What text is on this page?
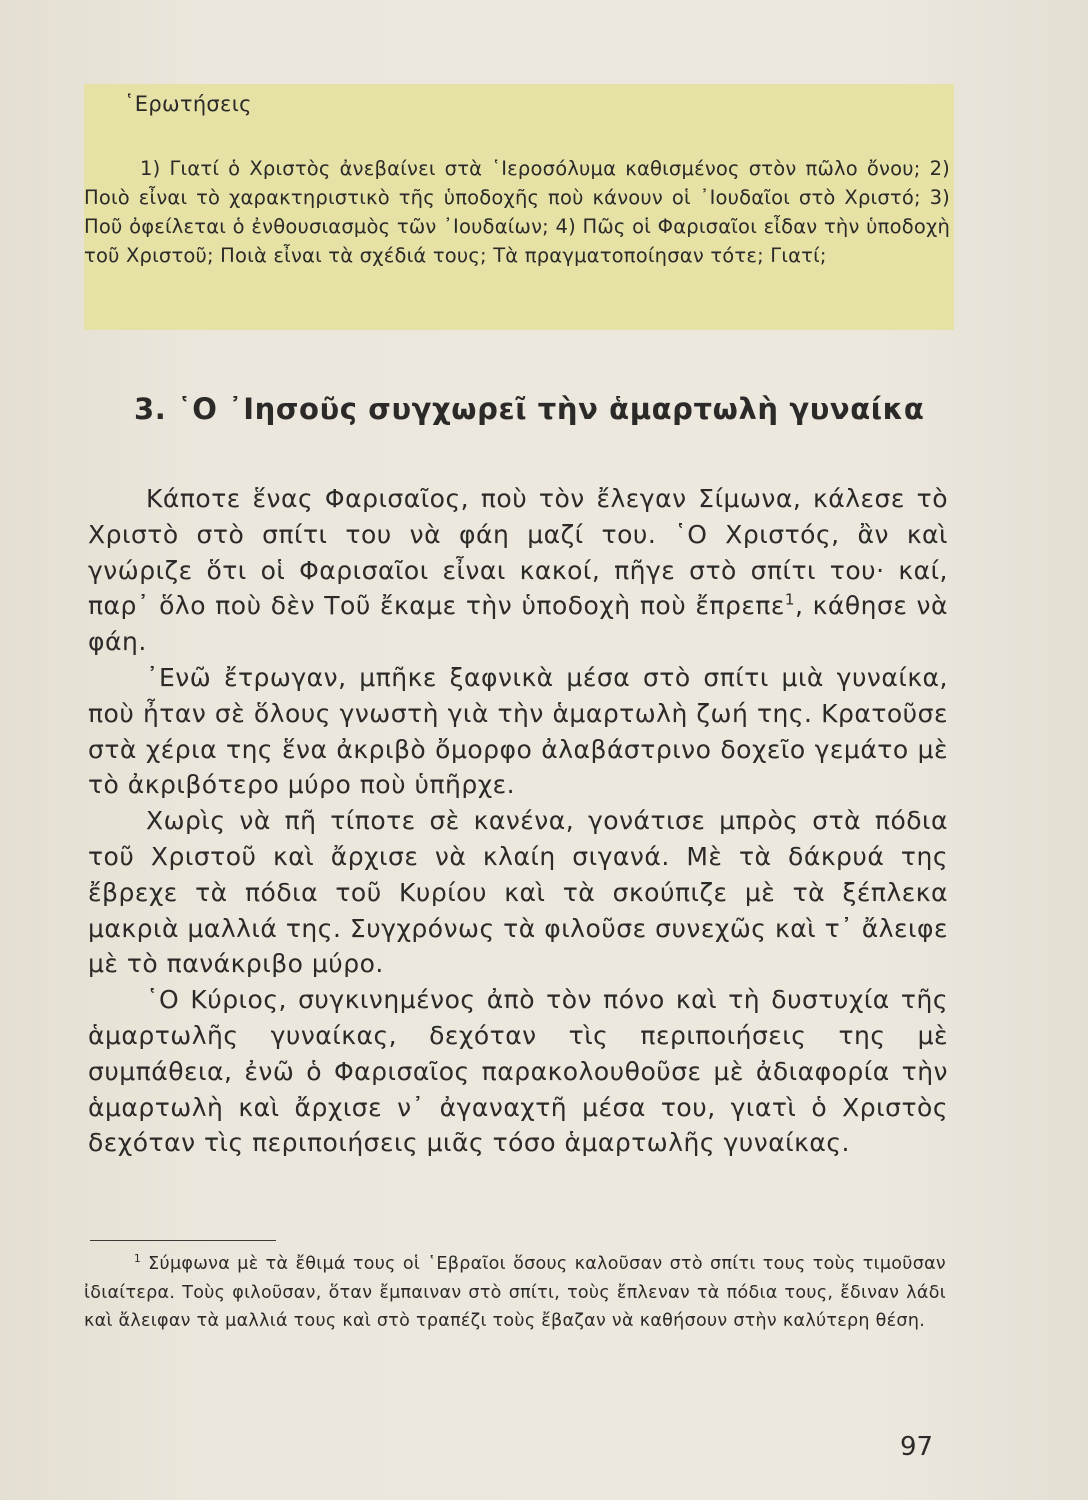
῾Ερωτήσεις

1) Γιατί ὁ Χριστὸς ἀνεβαίνει στὰ ῾Ιεροσόλυμα καθισμένος στὸν πῶλο ὄνου; 2) Ποιὸ εἶναι τὸ χαρακτηριστικὸ τῆς ὑποδοχῆς ποὺ κάνουν οἱ ᾿Ιουδαῖοι στὸ Χριστό; 3) Ποῦ ὀφείλεται ὁ ἐνθουσιασμὸς τῶν ᾿Ιουδαίων; 4) Πῶς οἱ Φαρισαῖοι εἶδαν τὴν ὑποδοχὴ τοῦ Χριστοῦ; Ποιὰ εἶναι τὰ σχέδιά τους; Τὰ πραγματοποίησαν τότε; Γιατί;

3. ῾Ο ᾿Ιησοῦς συγχωρεῖ τὴν ἁμαρτωλὴ γυναίκα

Κάποτε ἕνας Φαρισαῖος, ποὺ τὸν ἔλεγαν Σίμωνα, κάλεσε τὸ Χριστὸ στὸ σπίτι του νὰ φάη μαζί του. ῾Ο Χριστός, ἂν καὶ γνώριζε ὅτι οἱ Φαρισαῖοι εἶναι κακοί, πῆγε στὸ σπίτι του· καί, παρ᾿ ὅλο ποὺ δὲν Τοῦ ἔκαμε τὴν ὑποδοχὴ ποὺ ἔπρεπε$^1$, κάθησε νὰ φάη.

᾿Ενῶ ἔτρωγαν, μπῆκε ξαφνικὰ μέσα στὸ σπίτι μιὰ γυναίκα, ποὺ ἦταν σὲ ὅλους γνωστὴ γιὰ τὴν ἁμαρτωλὴ ζωή της. Κρατοῦσε στὰ χέρια της ἕνα ἀκριβὸ ὄμορφο ἀλαβάστρινο δοχεῖο γεμάτο μὲ τὸ ἀκριβότερο μύρο ποὺ ὑπῆρχε.

Χωρὶς νὰ πῆ τίποτε σὲ κανένα, γονάτισε μπρὸς στὰ πόδια τοῦ Χριστοῦ καὶ ἄρχισε νὰ κλαίη σιγανά. Μὲ τὰ δάκρυά της ἔβρεχε τὰ πόδια τοῦ Κυρίου καὶ τὰ σκούπιζε μὲ τὰ ξέπλεκα μακριὰ μαλλιά της. Συγχρόνως τὰ φιλοῦσε συνεχῶς καὶ τ᾿ ἄλειφε μὲ τὸ πανάκριβο μύρο.

῾Ο Κύριος, συγκινημένος ἀπὸ τὸν πόνο καὶ τὴ δυστυχία τῆς ἁμαρτωλῆς γυναίκας, δεχόταν τὶς περιποιήσεις της μὲ συμπάθεια, ἐνῶ ὁ Φαρισαῖος παρακολουθοῦσε μὲ ἀδιαφορία τὴν ἁμαρτωλὴ καὶ ἄρχισε ν᾿ ἀγαναχτῆ μέσα του, γιατὶ ὁ Χριστὸς δεχόταν τὶς περιποιήσεις μιᾶς τόσο ἁμαρτωλῆς γυναίκας.

$^1$ Σύμφωνα μὲ τὰ ἔθιμά τους οἱ ῾Εβραῖοι ὅσους καλοῦσαν στὸ σπίτι τους τοὺς τιμοῦσαν ἰδιαίτερα. Τοὺς φιλοῦσαν, ὅταν ἔμπαιναν στὸ σπίτι, τοὺς ἔπλεναν τὰ πόδια τους, ἔδιναν λάδι καὶ ἄλειφαν τὰ μαλλιά τους καὶ στὸ τραπέζι τοὺς ἔβαζαν νὰ καθήσουν στὴν καλύτερη θέση.

97
